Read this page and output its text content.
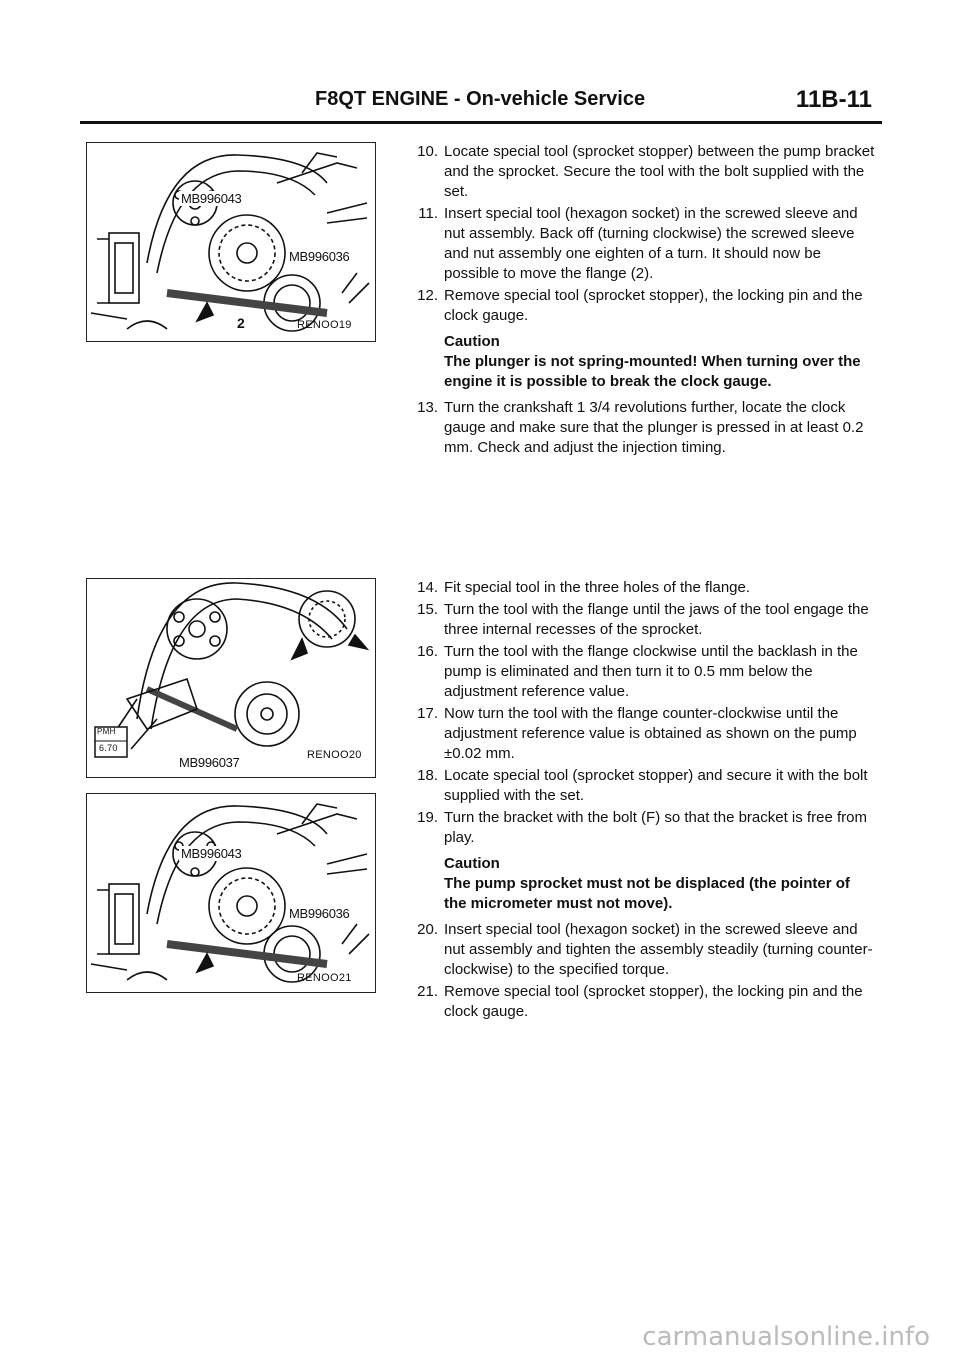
F8QT ENGINE - On-vehicle Service	11B-11
MB996043
MB996036
2	RENOO19
PMH
6.70
MB996037	RENOO20
MB996043
MB996036
RENOO21
10. Locate special tool (sprocket stopper) between the pump bracket and the sprocket. Secure the tool with the bolt supplied with the set.
11. Insert special tool (hexagon socket) in the screwed sleeve and nut assembly. Back off (turning clockwise) the screwed sleeve and nut assembly one eighten of a turn. It should now be possible to move the flange (2).
12. Remove special tool (sprocket stopper), the locking pin and the clock gauge.
Caution
The plunger is not spring-mounted! When turning over the engine it is possible to break the clock gauge.
13. Turn the crankshaft 1 3/4 revolutions further, locate the clock gauge and make sure that the plunger is pressed in at least 0.2 mm. Check and adjust the injection timing.
14. Fit special tool in the three holes of the flange.
15. Turn the tool with the flange until the jaws of the tool engage the three internal recesses of the sprocket.
16. Turn the tool with the flange clockwise until the backlash in the pump is eliminated and then turn it to 0.5 mm below the adjustment reference value.
17. Now turn the tool with the flange counter-clockwise until the adjustment reference value is obtained as shown on the pump ±0.02 mm.
18. Locate special tool (sprocket stopper) and secure it with the bolt supplied with the set.
19. Turn the bracket with the bolt (F) so that the bracket is free from play.
Caution
The pump sprocket must not be displaced (the pointer of the micrometer must not move).
20. Insert special tool (hexagon socket) in the screwed sleeve and nut assembly and tighten the assembly steadily (turning counter-clockwise) to the specified torque.
21. Remove special tool (sprocket stopper), the locking pin and the clock gauge.
carmanualsonline.info
